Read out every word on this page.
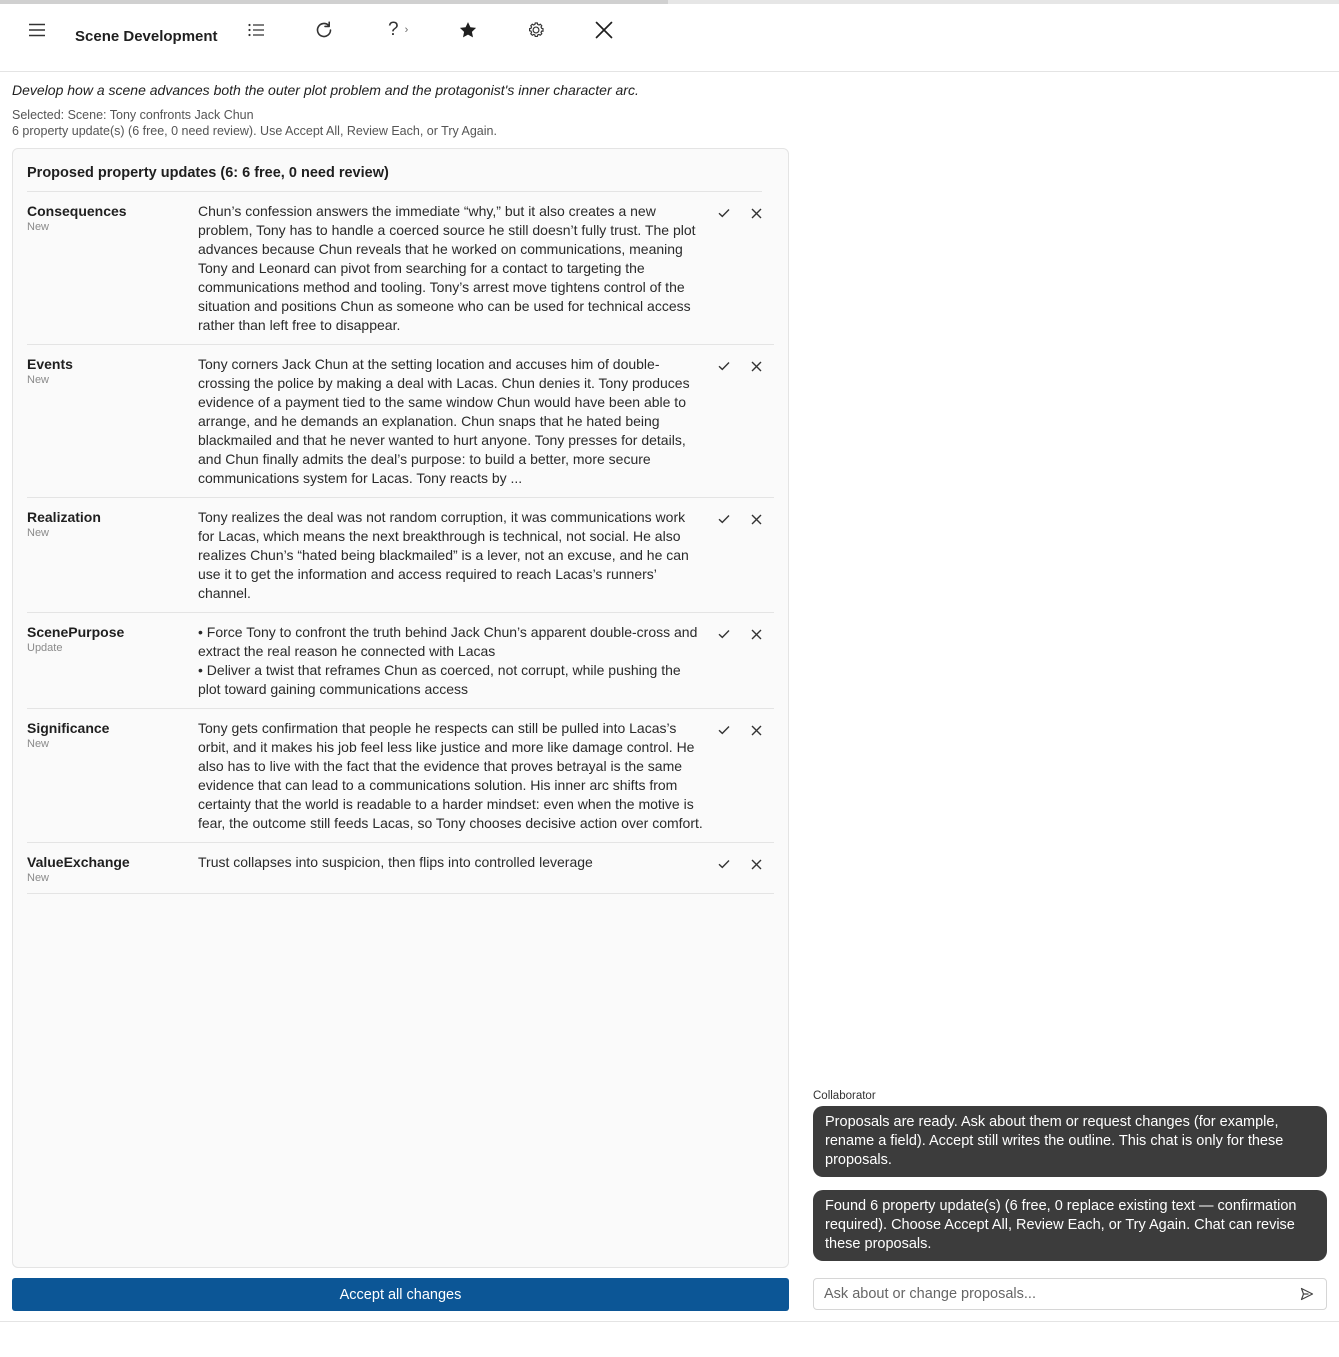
Scene Development	? ›
Develop how a scene advances both the outer plot problem and the protagonist's inner character arc.
Selected: Scene: Tony confronts Jack Chun
6 property update(s) (6 free, 0 need review). Use Accept All, Review Each, or Try Again.
Proposed property updates (6: 6 free, 0 need review)
Consequences
New
Chun’s confession answers the immediate “why,” but it also creates a new problem, Tony has to handle a coerced source he still doesn’t fully trust. The plot advances because Chun reveals that he worked on communications, meaning Tony and Leonard can pivot from searching for a contact to targeting the communications method and tooling. Tony’s arrest move tightens control of the situation and positions Chun as someone who can be used for technical access rather than left free to disappear.
Events
New
Tony corners Jack Chun at the setting location and accuses him of double-crossing the police by making a deal with Lacas. Chun denies it. Tony produces evidence of a payment tied to the same window Chun would have been able to arrange, and he demands an explanation. Chun snaps that he hated being blackmailed and that he never wanted to hurt anyone. Tony presses for details, and Chun finally admits the deal’s purpose: to build a better, more secure communications system for Lacas. Tony reacts by ...
Realization
New
Tony realizes the deal was not random corruption, it was communications work for Lacas, which means the next breakthrough is technical, not social. He also realizes Chun’s “hated being blackmailed” is a lever, not an excuse, and he can use it to get the information and access required to reach Lacas’s runners’ channel.
ScenePurpose
Update
• Force Tony to confront the truth behind Jack Chun’s apparent double-cross and extract the real reason he connected with Lacas
• Deliver a twist that reframes Chun as coerced, not corrupt, while pushing the plot toward gaining communications access
Significance
New
Tony gets confirmation that people he respects can still be pulled into Lacas’s orbit, and it makes his job feel less like justice and more like damage control. He also has to live with the fact that the evidence that proves betrayal is the same evidence that can lead to a communications solution. His inner arc shifts from certainty that the world is readable to a harder mindset: even when the motive is fear, the outcome still feeds Lacas, so Tony chooses decisive action over comfort.
ValueExchange
New
Trust collapses into suspicion, then flips into controlled leverage
Accept all changes
Collaborator
Proposals are ready. Ask about them or request changes (for example, rename a field). Accept still writes the outline. This chat is only for these proposals.
Found 6 property update(s) (6 free, 0 replace existing text — confirmation required). Choose Accept All, Review Each, or Try Again. Chat can revise these proposals.
Ask about or change proposals...
